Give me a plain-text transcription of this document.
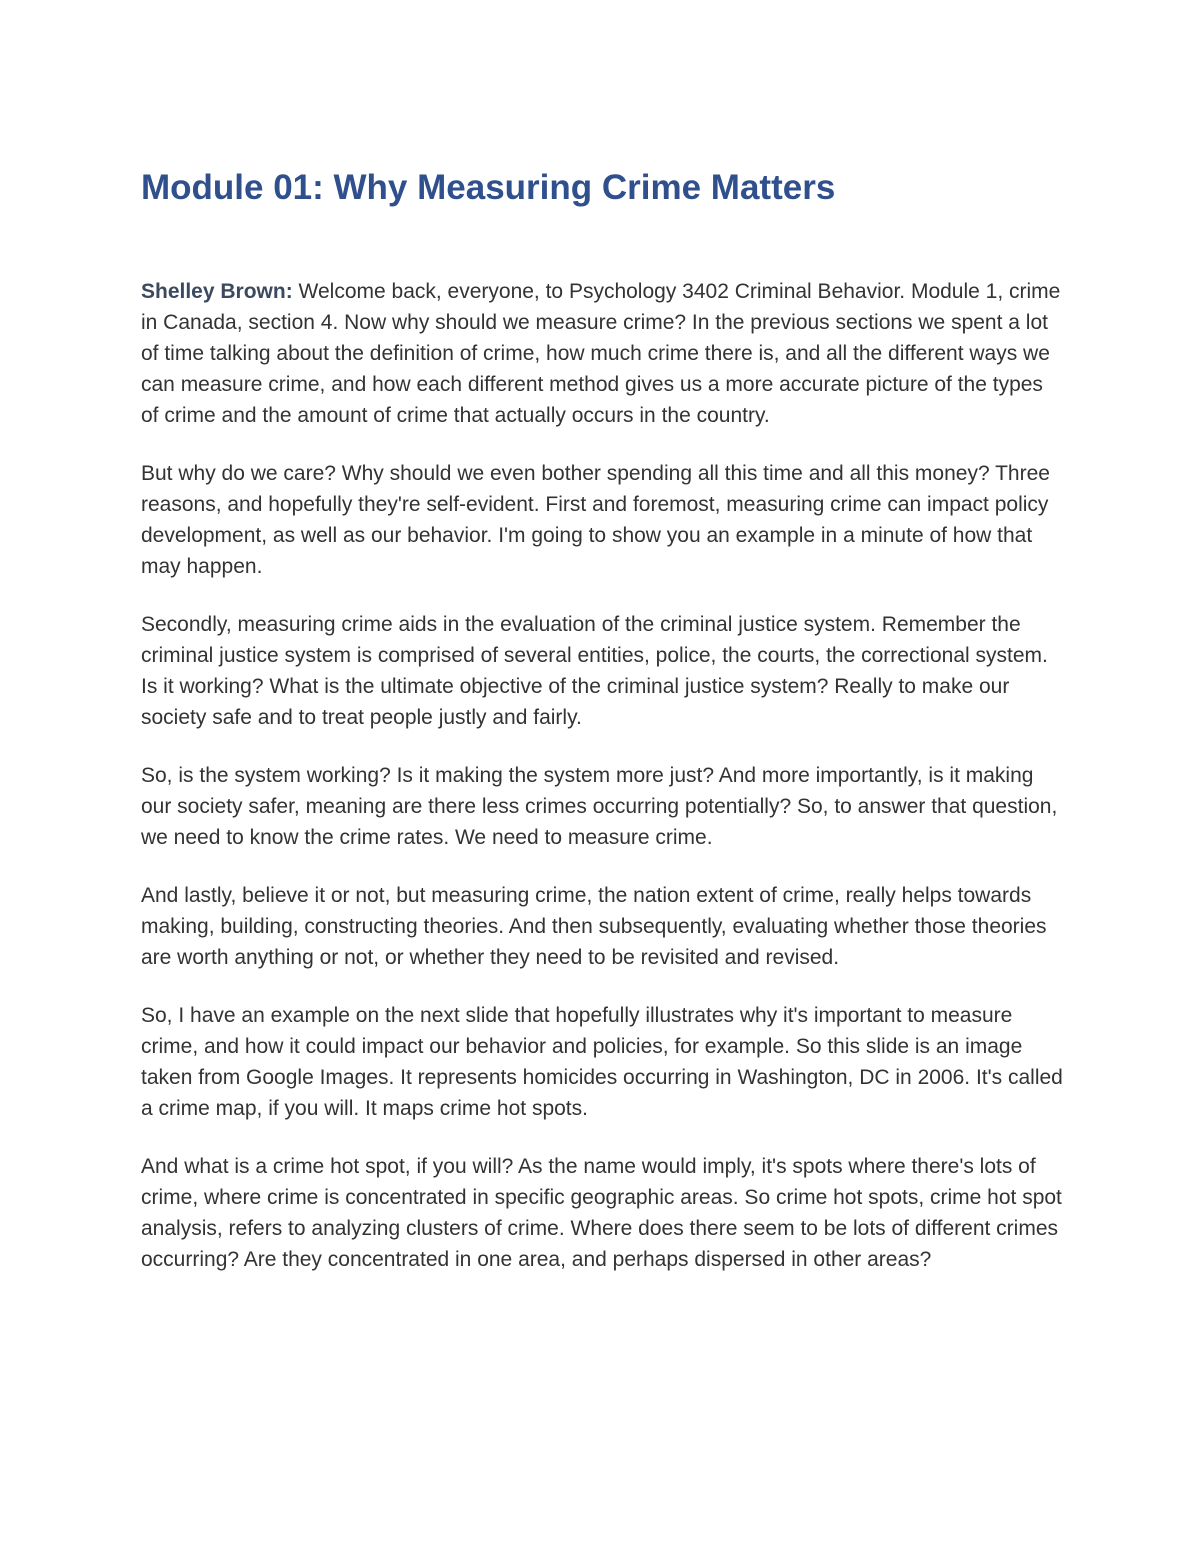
Module 01: Why Measuring Crime Matters

Shelley Brown: Welcome back, everyone, to Psychology 3402 Criminal Behavior. Module 1, crime in Canada, section 4. Now why should we measure crime? In the previous sections we spent a lot of time talking about the definition of crime, how much crime there is, and all the different ways we can measure crime, and how each different method gives us a more accurate picture of the types of crime and the amount of crime that actually occurs in the country.

But why do we care? Why should we even bother spending all this time and all this money? Three reasons, and hopefully they're self-evident. First and foremost, measuring crime can impact policy development, as well as our behavior. I'm going to show you an example in a minute of how that may happen.

Secondly, measuring crime aids in the evaluation of the criminal justice system. Remember the criminal justice system is comprised of several entities, police, the courts, the correctional system. Is it working? What is the ultimate objective of the criminal justice system? Really to make our society safe and to treat people justly and fairly.

So, is the system working? Is it making the system more just? And more importantly, is it making our society safer, meaning are there less crimes occurring potentially? So, to answer that question, we need to know the crime rates. We need to measure crime.

And lastly, believe it or not, but measuring crime, the nation extent of crime, really helps towards making, building, constructing theories. And then subsequently, evaluating whether those theories are worth anything or not, or whether they need to be revisited and revised.

So, I have an example on the next slide that hopefully illustrates why it's important to measure crime, and how it could impact our behavior and policies, for example. So this slide is an image taken from Google Images. It represents homicides occurring in Washington, DC in 2006. It's called a crime map, if you will. It maps crime hot spots.

And what is a crime hot spot, if you will? As the name would imply, it's spots where there's lots of crime, where crime is concentrated in specific geographic areas. So crime hot spots, crime hot spot analysis, refers to analyzing clusters of crime. Where does there seem to be lots of different crimes occurring? Are they concentrated in one area, and perhaps dispersed in other areas?
